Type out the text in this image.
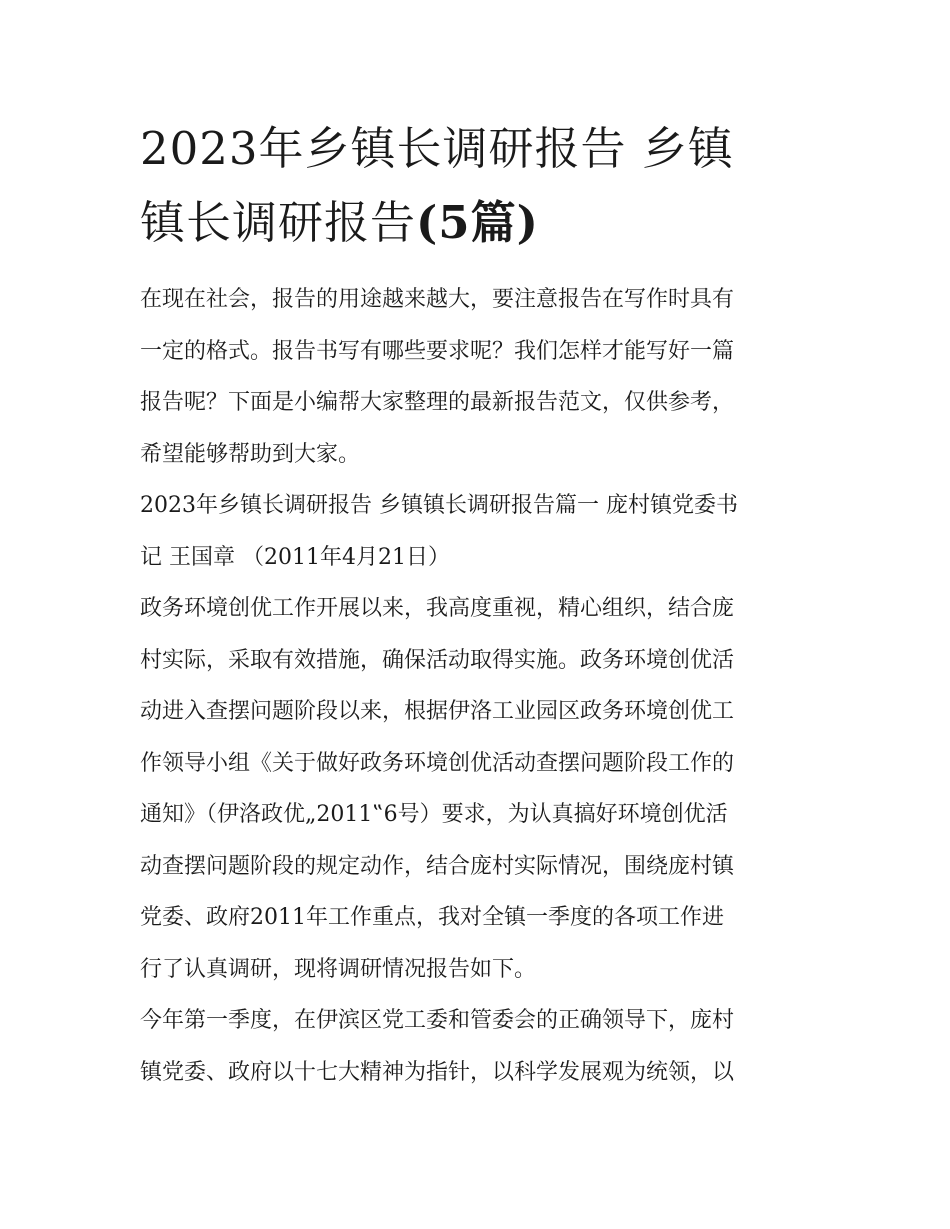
2023年乡镇长调研报告 乡镇
镇长调研报告(5篇)

在现在社会，报告的用途越来越大，要注意报告在写作时具有
一定的格式。报告书写有哪些要求呢？我们怎样才能写好一篇
报告呢？下面是小编帮大家整理的最新报告范文，仅供参考，
希望能够帮助到大家。

2023年乡镇长调研报告 乡镇镇长调研报告篇一 庞村镇党委书
记 王国章 （2011年4月21日）

政务环境创优工作开展以来，我高度重视，精心组织，结合庞
村实际，采取有效措施，确保活动取得实施。政务环境创优活
动进入查摆问题阶段以来，根据伊洛工业园区政务环境创优工
作领导小组《关于做好政务环境创优活动查摆问题阶段工作的
通知》（伊洛政优„2011‟6号）要求，为认真搞好环境创优活
动查摆问题阶段的规定动作，结合庞村实际情况，围绕庞村镇
党委、政府2011年工作重点，我对全镇一季度的各项工作进
行了认真调研，现将调研情况报告如下。

今年第一季度，在伊滨区党工委和管委会的正确领导下，庞村
镇党委、政府以十七大精神为指针，以科学发展观为统领，以
